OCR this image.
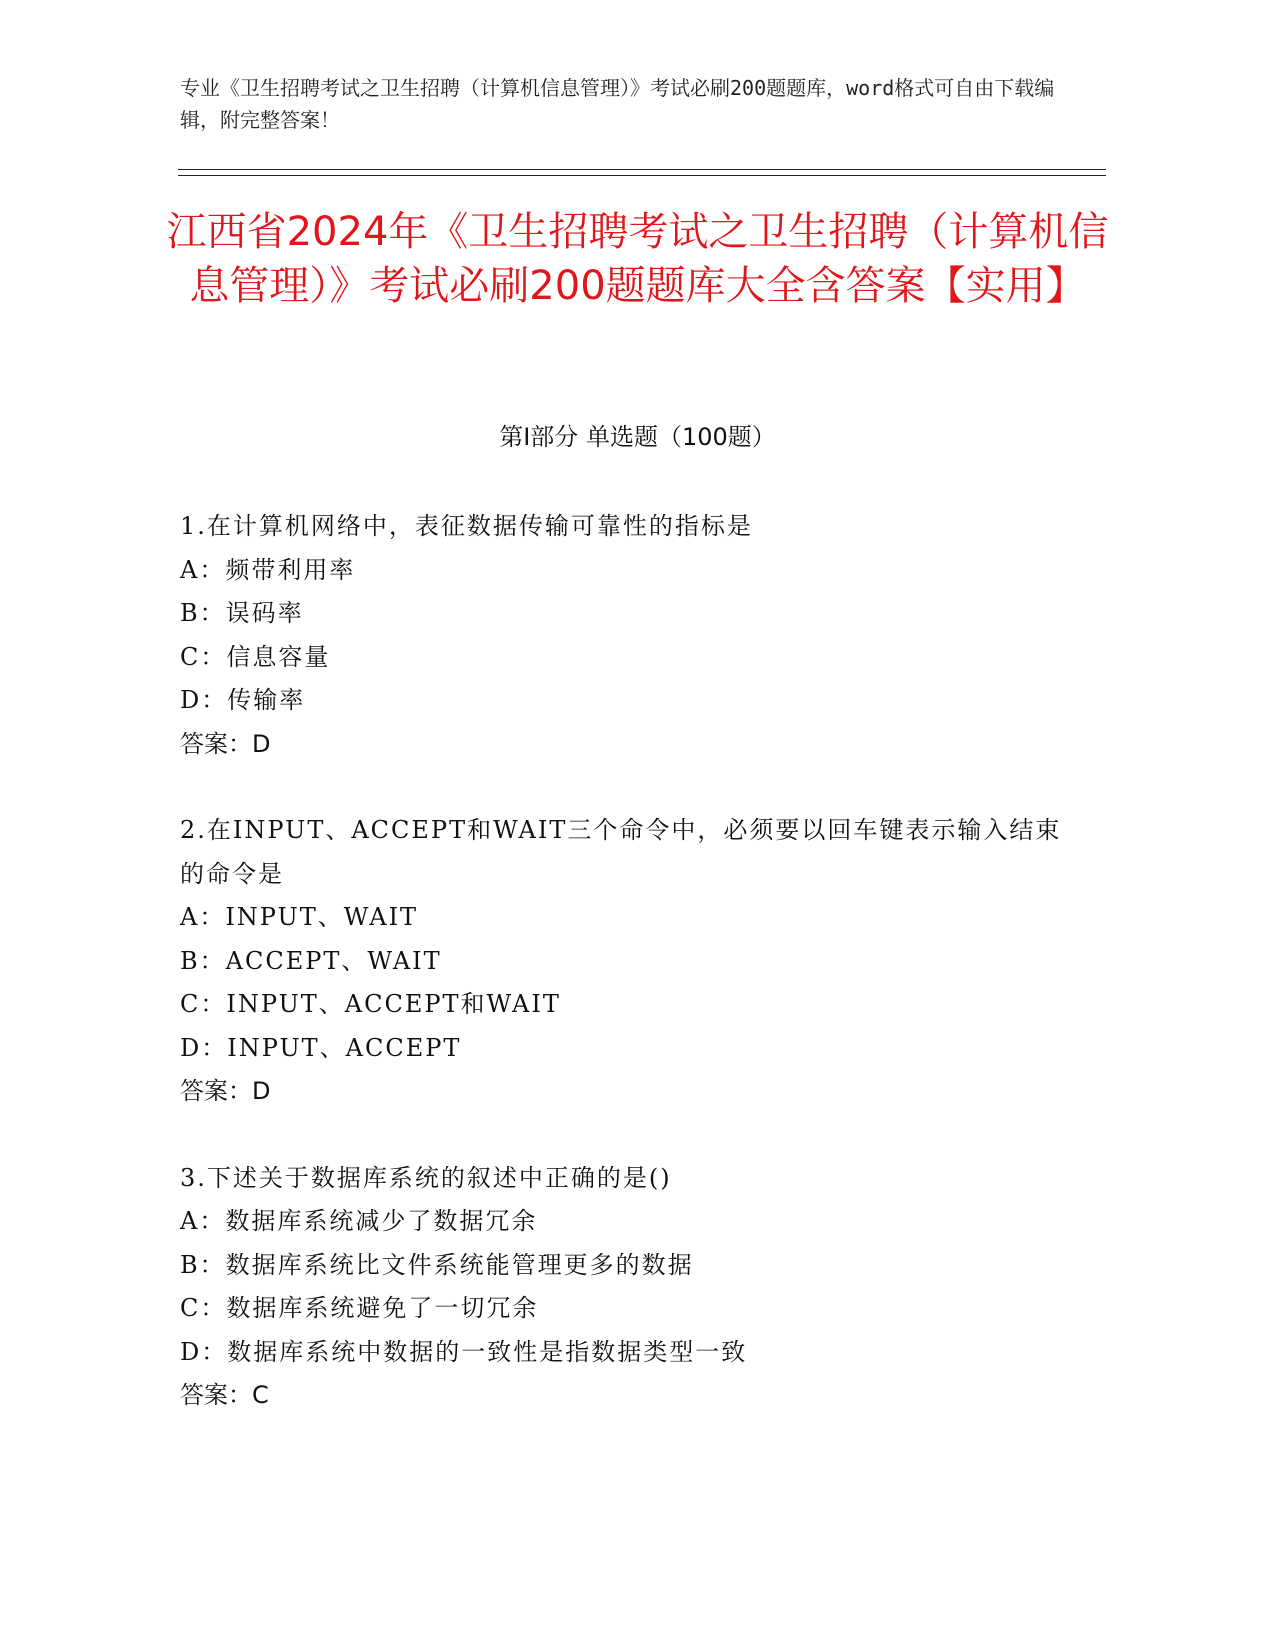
专业《卫生招聘考试之卫生招聘（计算机信息管理）》考试必刷200题题库，word格式可自由下载编辑，附完整答案！
江西省2024年《卫生招聘考试之卫生招聘（计算机信息管理）》考试必刷200题题库大全含答案【实用】
第Ⅰ部分 单选题（100题）
1.在计算机网络中，表征数据传输可靠性的指标是
A：频带利用率
B：误码率
C：信息容量
D：传输率
答案：D
2.在INPUT、ACCEPT和WAIT三个命令中，必须要以回车键表示输入结束的命令是
A：INPUT、WAIT
B：ACCEPT、WAIT
C：INPUT、ACCEPT和WAIT
D：INPUT、ACCEPT
答案：D
3.下述关于数据库系统的叙述中正确的是()
A：数据库系统减少了数据冗余
B：数据库系统比文件系统能管理更多的数据
C：数据库系统避免了一切冗余
D：数据库系统中数据的一致性是指数据类型一致
答案：C
